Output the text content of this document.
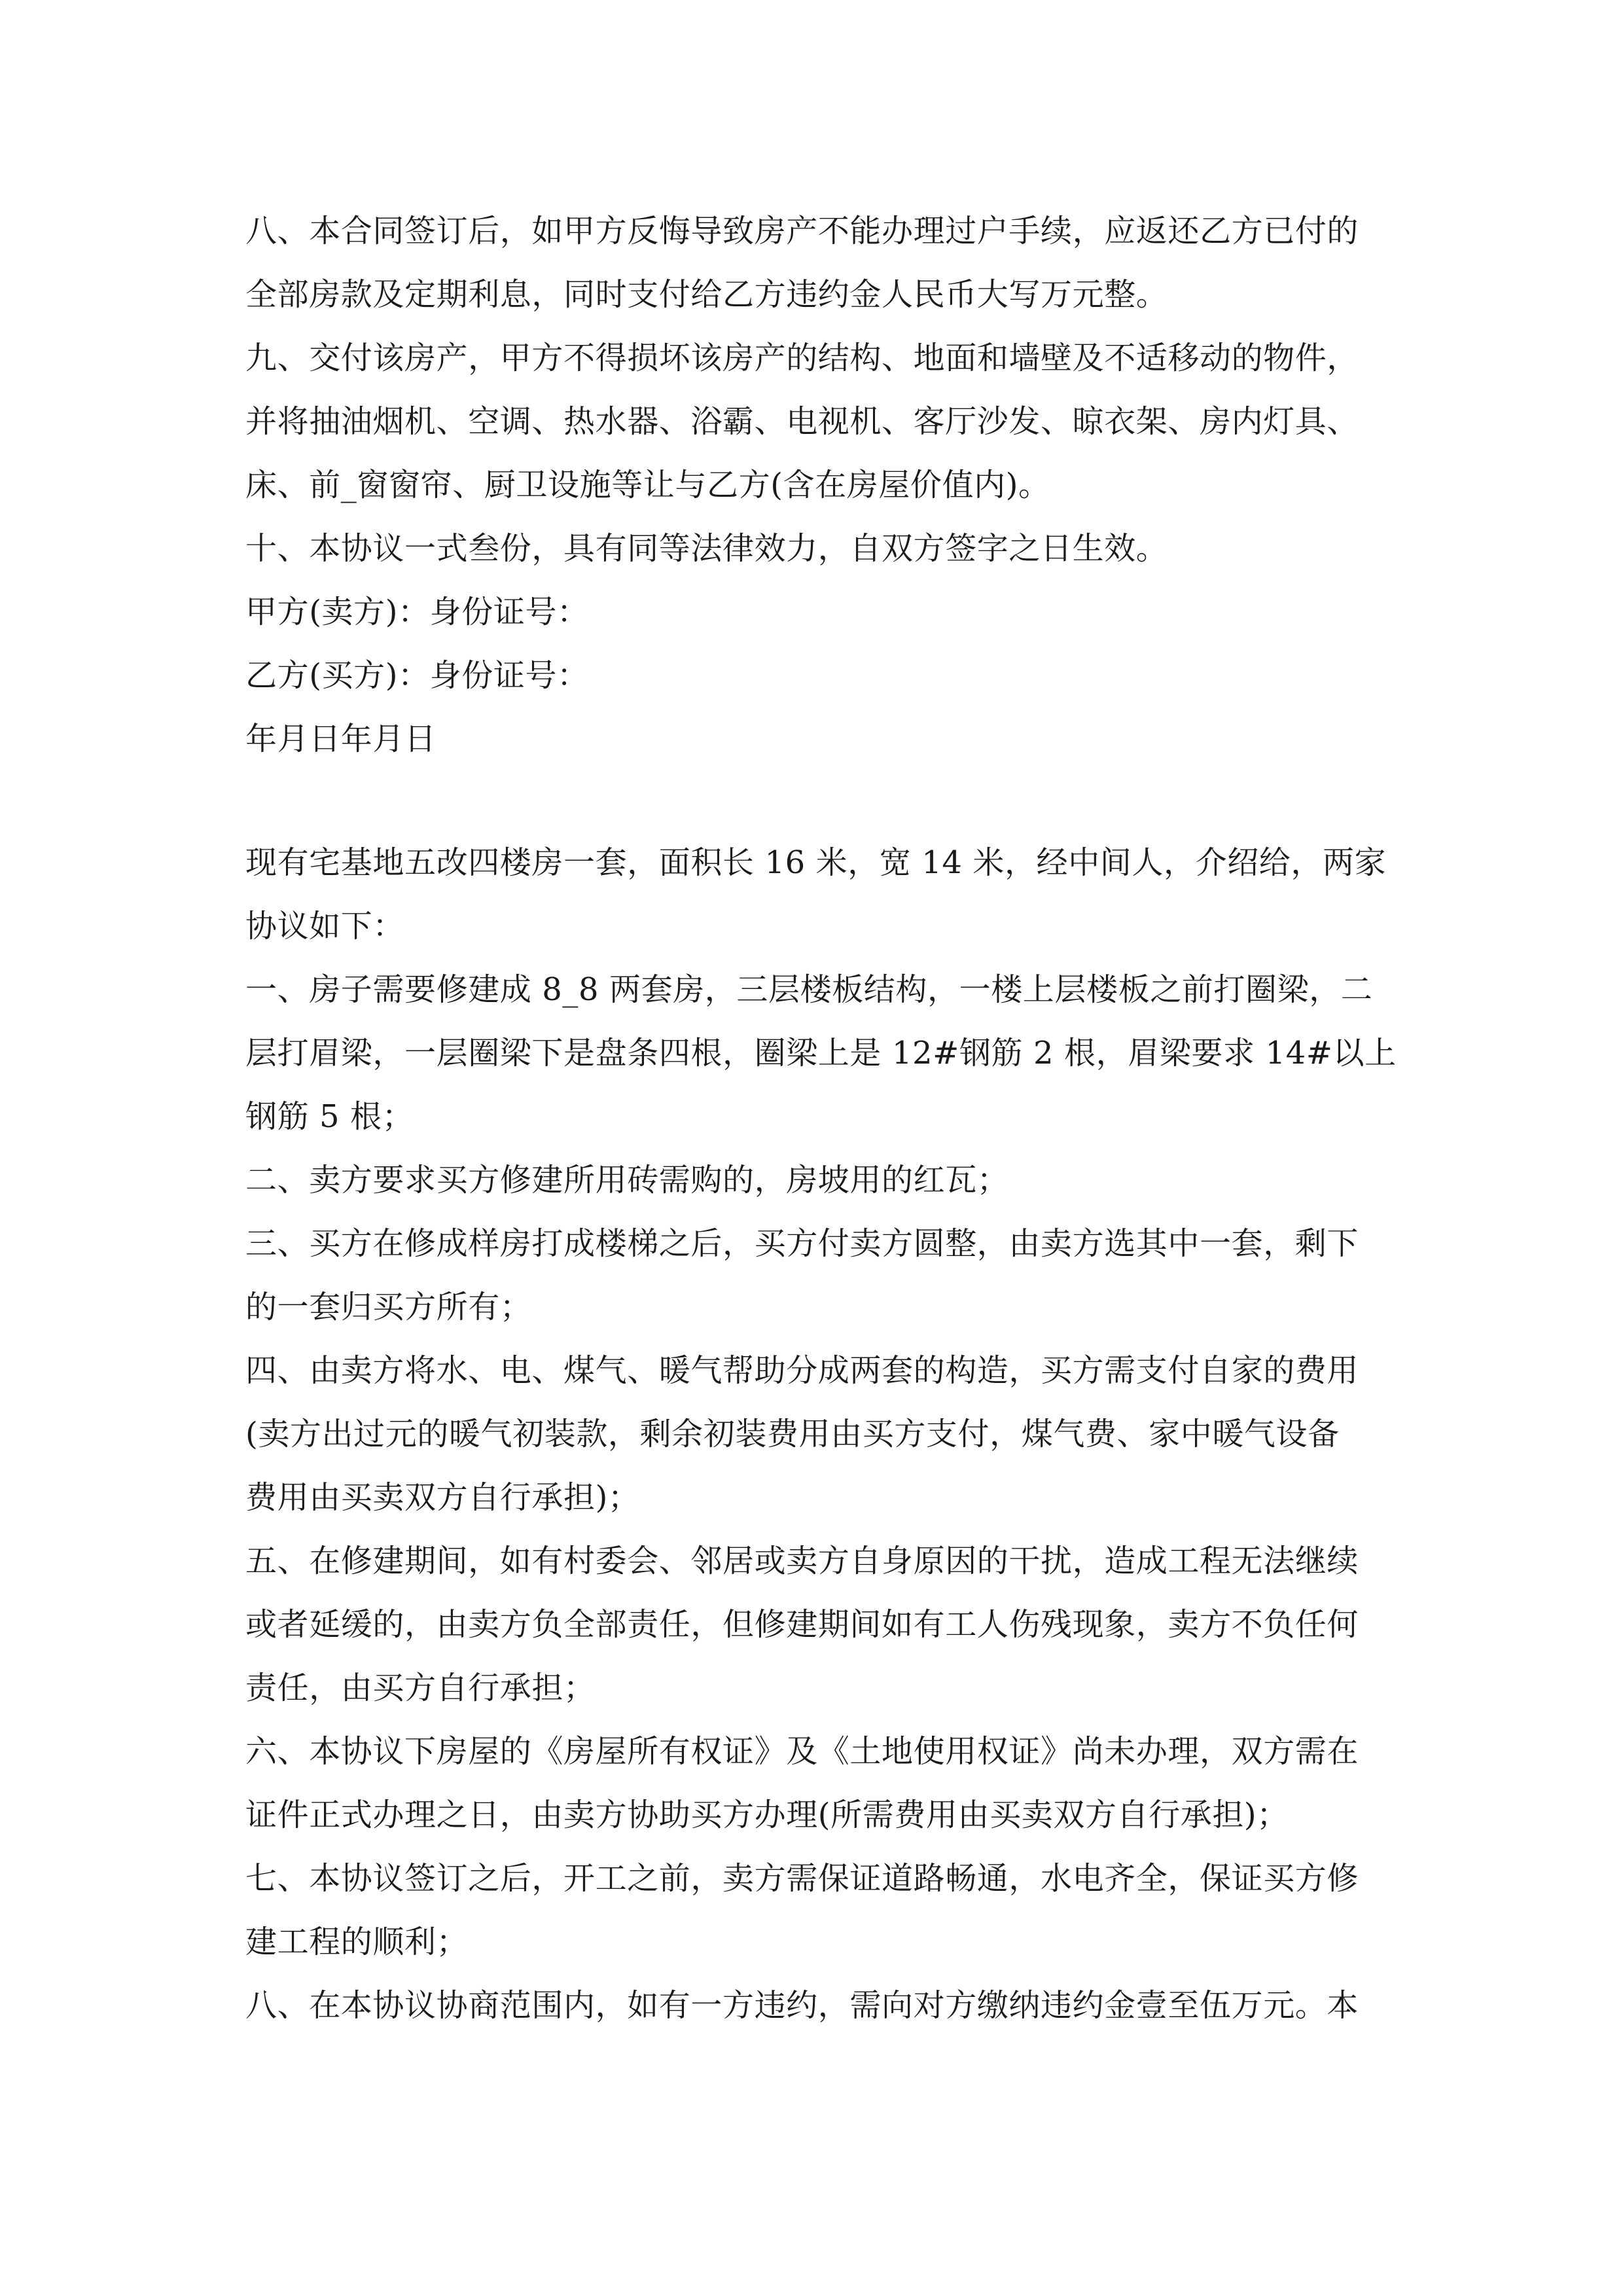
八、本合同签订后，如甲方反悔导致房产不能办理过户手续，应返还乙方已付的
全部房款及定期利息，同时支付给乙方违约金人民币大写万元整。
九、交付该房产，甲方不得损坏该房产的结构、地面和墙壁及不适移动的物件，
并将抽油烟机、空调、热水器、浴霸、电视机、客厅沙发、晾衣架、房内灯具、
床、前_窗窗帘、厨卫设施等让与乙方(含在房屋价值内)。
十、本协议一式叁份，具有同等法律效力，自双方签字之日生效。
甲方(卖方)：身份证号：
乙方(买方)：身份证号：
年月日年月日
现有宅基地五改四楼房一套，面积长 16 米，宽 14 米，经中间人，介绍给，两家
协议如下：
一、房子需要修建成 8_8 两套房，三层楼板结构，一楼上层楼板之前打圈梁，二
层打眉梁，一层圈梁下是盘条四根，圈梁上是 12#钢筋 2 根，眉梁要求 14#以上
钢筋 5 根；
二、卖方要求买方修建所用砖需购的，房坡用的红瓦；
三、买方在修成样房打成楼梯之后，买方付卖方圆整，由卖方选其中一套，剩下
的一套归买方所有；
四、由卖方将水、电、煤气、暖气帮助分成两套的构造，买方需支付自家的费用
(卖方出过元的暖气初装款，剩余初装费用由买方支付，煤气费、家中暖气设备
费用由买卖双方自行承担)；
五、在修建期间，如有村委会、邻居或卖方自身原因的干扰，造成工程无法继续
或者延缓的，由卖方负全部责任，但修建期间如有工人伤残现象，卖方不负任何
责任，由买方自行承担；
六、本协议下房屋的《房屋所有权证》及《土地使用权证》尚未办理，双方需在
证件正式办理之日，由卖方协助买方办理(所需费用由买卖双方自行承担)；
七、本协议签订之后，开工之前，卖方需保证道路畅通，水电齐全，保证买方修
建工程的顺利；
八、在本协议协商范围内，如有一方违约，需向对方缴纳违约金壹至伍万元。本
